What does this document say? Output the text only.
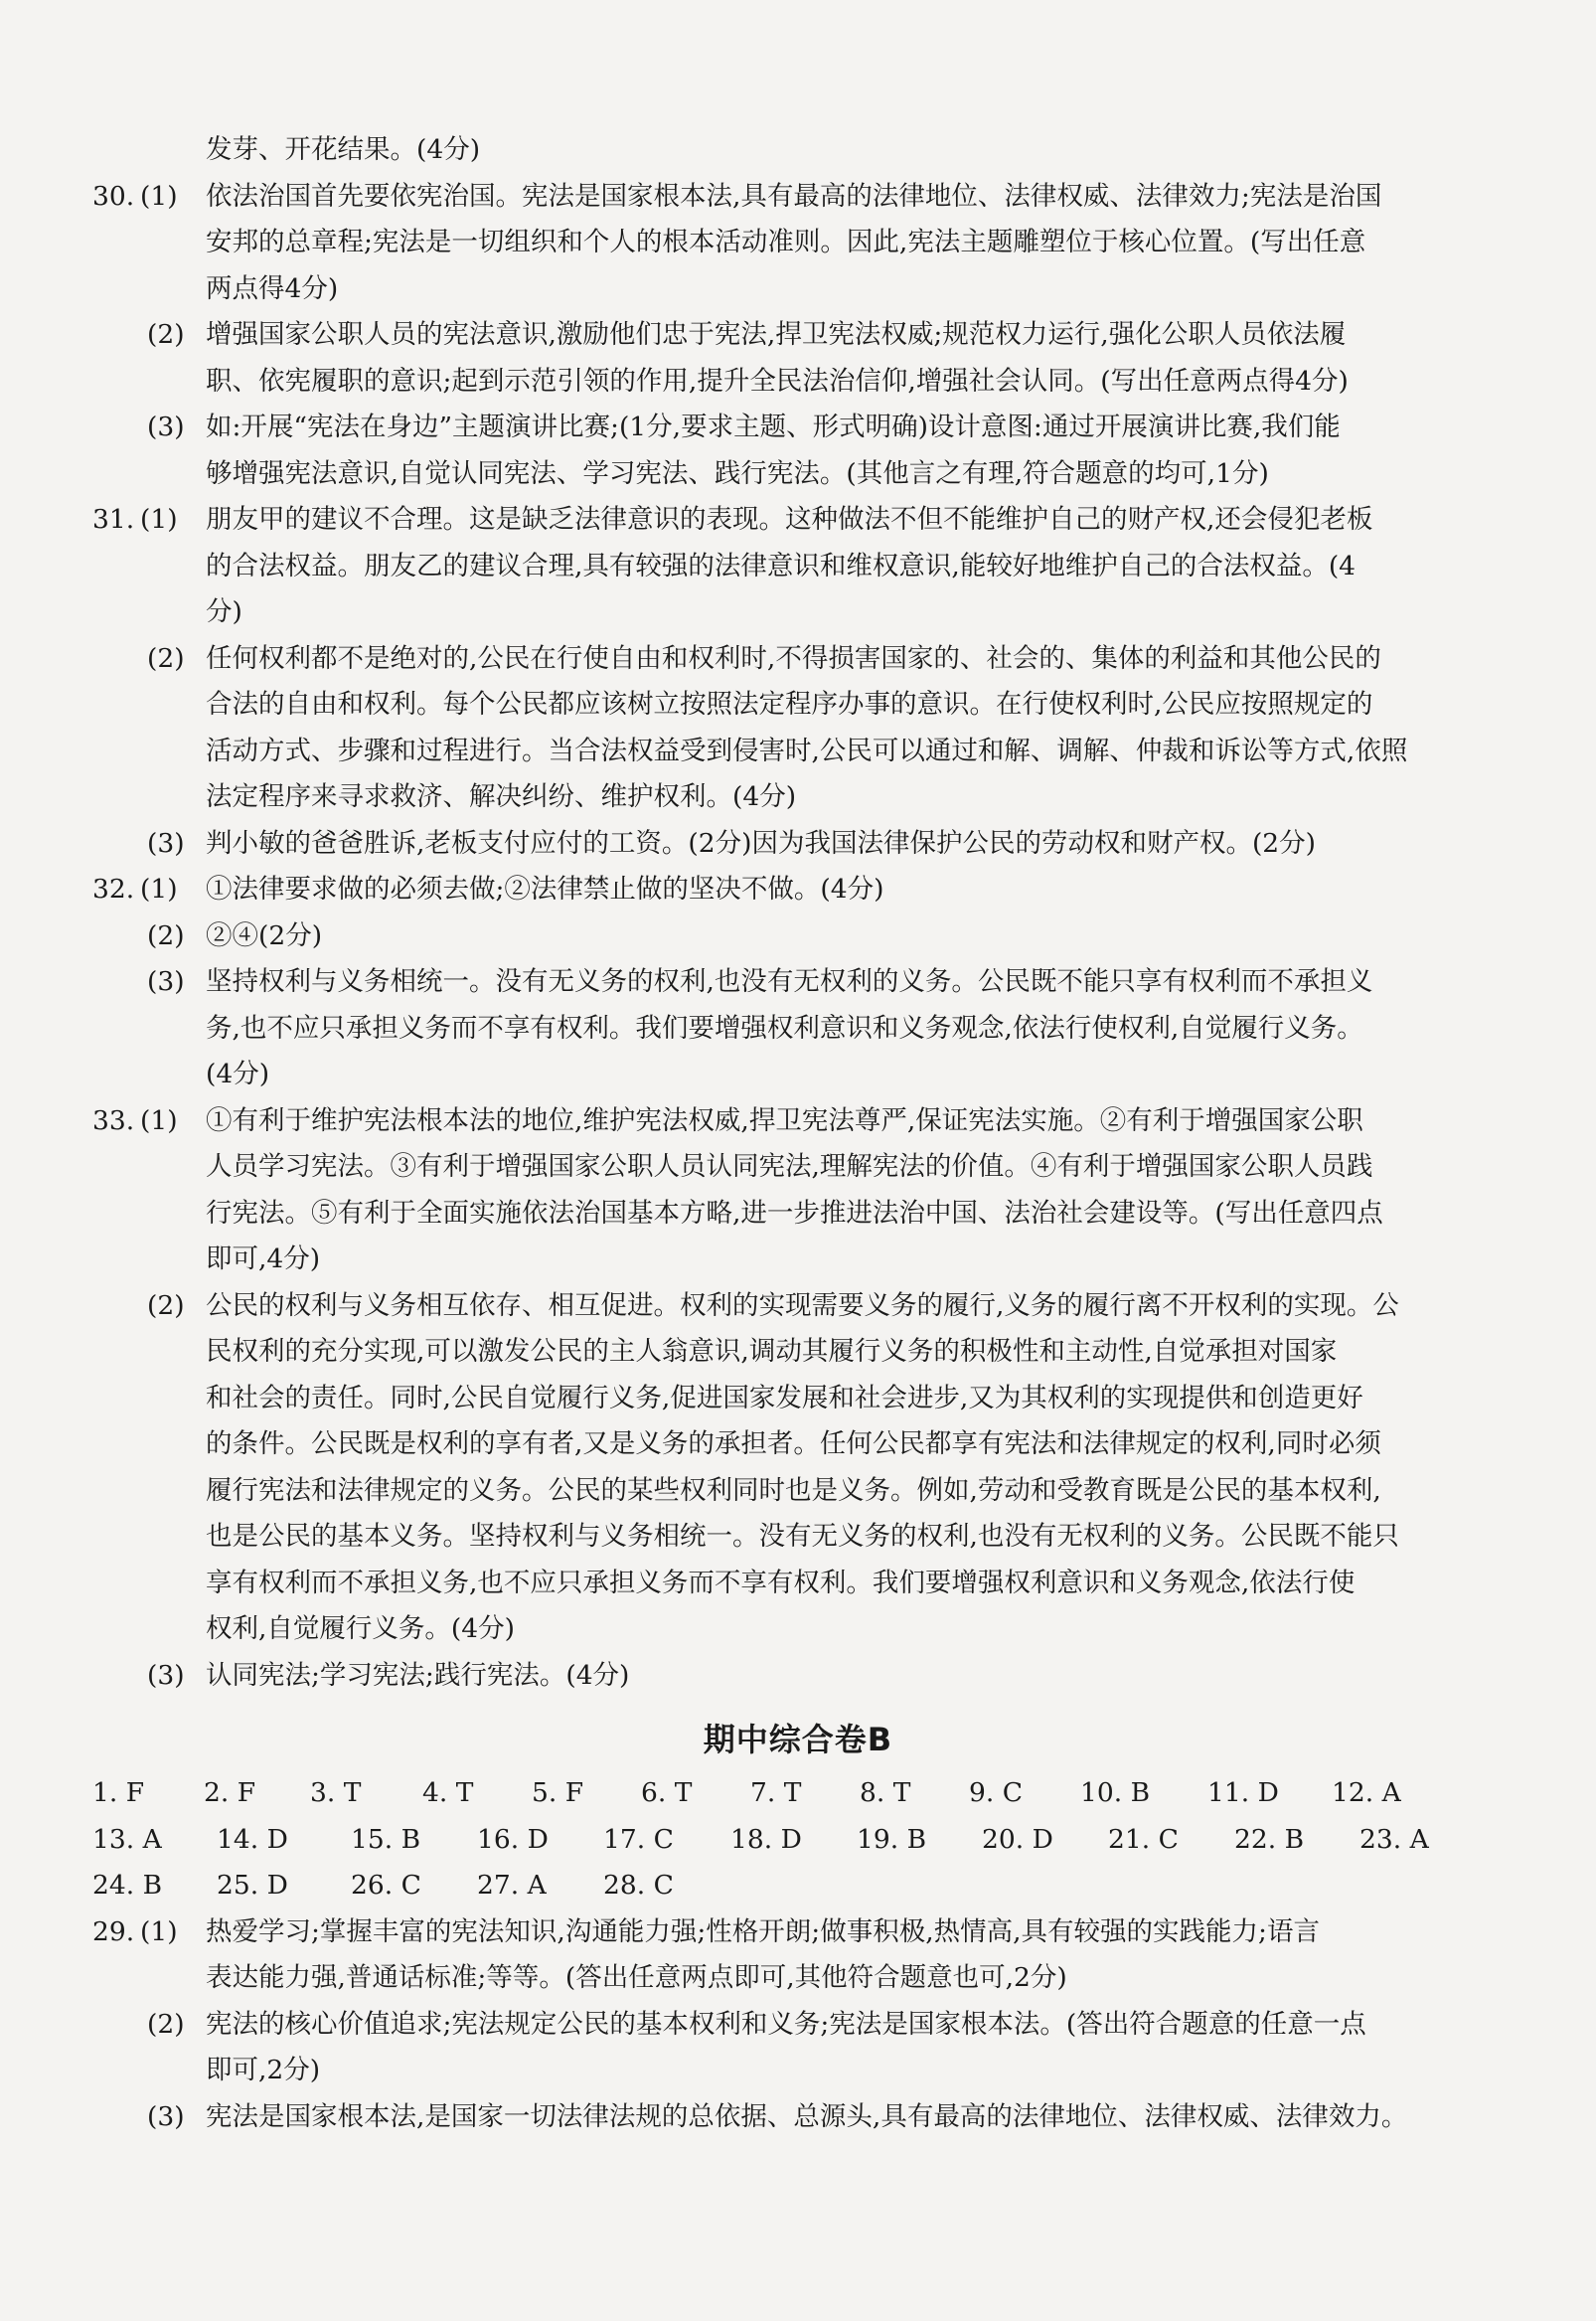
发芽、开花结果。(4分)
30. (1) 依法治国首先要依宪治国。宪法是国家根本法,具有最高的法律地位、法律权威、法律效力;宪法是治国
安邦的总章程;宪法是一切组织和个人的根本活动准则。因此,宪法主题雕塑位于核心位置。(写出任意
两点得4分)
(2) 增强国家公职人员的宪法意识,激励他们忠于宪法,捍卫宪法权威;规范权力运行,强化公职人员依法履
职、依宪履职的意识;起到示范引领的作用,提升全民法治信仰,增强社会认同。(写出任意两点得4分)
(3) 如:开展“宪法在身边”主题演讲比赛;(1分,要求主题、形式明确)设计意图:通过开展演讲比赛,我们能
够增强宪法意识,自觉认同宪法、学习宪法、践行宪法。(其他言之有理,符合题意的均可,1分)
31. (1) 朋友甲的建议不合理。这是缺乏法律意识的表现。这种做法不但不能维护自己的财产权,还会侵犯老板
的合法权益。朋友乙的建议合理,具有较强的法律意识和维权意识,能较好地维护自己的合法权益。(4
分)
(2) 任何权利都不是绝对的,公民在行使自由和权利时,不得损害国家的、社会的、集体的利益和其他公民的
合法的自由和权利。每个公民都应该树立按照法定程序办事的意识。在行使权利时,公民应按照规定的
活动方式、步骤和过程进行。当合法权益受到侵害时,公民可以通过和解、调解、仲裁和诉讼等方式,依照
法定程序来寻求救济、解决纠纷、维护权利。(4分)
(3) 判小敏的爸爸胜诉,老板支付应付的工资。(2分)因为我国法律保护公民的劳动权和财产权。(2分)
32. (1) ①法律要求做的必须去做;②法律禁止做的坚决不做。(4分)
(2) ②④(2分)
(3) 坚持权利与义务相统一。没有无义务的权利,也没有无权利的义务。公民既不能只享有权利而不承担义
务,也不应只承担义务而不享有权利。我们要增强权利意识和义务观念,依法行使权利,自觉履行义务。
(4分)
33. (1) ①有利于维护宪法根本法的地位,维护宪法权威,捍卫宪法尊严,保证宪法实施。②有利于增强国家公职
人员学习宪法。③有利于增强国家公职人员认同宪法,理解宪法的价值。④有利于增强国家公职人员践
行宪法。⑤有利于全面实施依法治国基本方略,进一步推进法治中国、法治社会建设等。(写出任意四点
即可,4分)
(2) 公民的权利与义务相互依存、相互促进。权利的实现需要义务的履行,义务的履行离不开权利的实现。公
民权利的充分实现,可以激发公民的主人翁意识,调动其履行义务的积极性和主动性,自觉承担对国家
和社会的责任。同时,公民自觉履行义务,促进国家发展和社会进步,又为其权利的实现提供和创造更好
的条件。公民既是权利的享有者,又是义务的承担者。任何公民都享有宪法和法律规定的权利,同时必须
履行宪法和法律规定的义务。公民的某些权利同时也是义务。例如,劳动和受教育既是公民的基本权利,
也是公民的基本义务。坚持权利与义务相统一。没有无义务的权利,也没有无权利的义务。公民既不能只
享有权利而不承担义务,也不应只承担义务而不享有权利。我们要增强权利意识和义务观念,依法行使
权利,自觉履行义务。(4分)
(3) 认同宪法;学习宪法;践行宪法。(4分)
期中综合卷B
1. F 2. F 3. T 4. T 5. F 6. T 7. T 8. T 9. C 10. B 11. D 12. A
13. A 14. D 15. B 16. D 17. C 18. D 19. B 20. D 21. C 22. B 23. A
24. B 25. D 26. C 27. A 28. C
29. (1) 热爱学习;掌握丰富的宪法知识,沟通能力强;性格开朗;做事积极,热情高,具有较强的实践能力;语言
表达能力强,普通话标准;等等。(答出任意两点即可,其他符合题意也可,2分)
(2) 宪法的核心价值追求;宪法规定公民的基本权利和义务;宪法是国家根本法。(答出符合题意的任意一点
即可,2分)
(3) 宪法是国家根本法,是国家一切法律法规的总依据、总源头,具有最高的法律地位、法律权威、法律效力。
